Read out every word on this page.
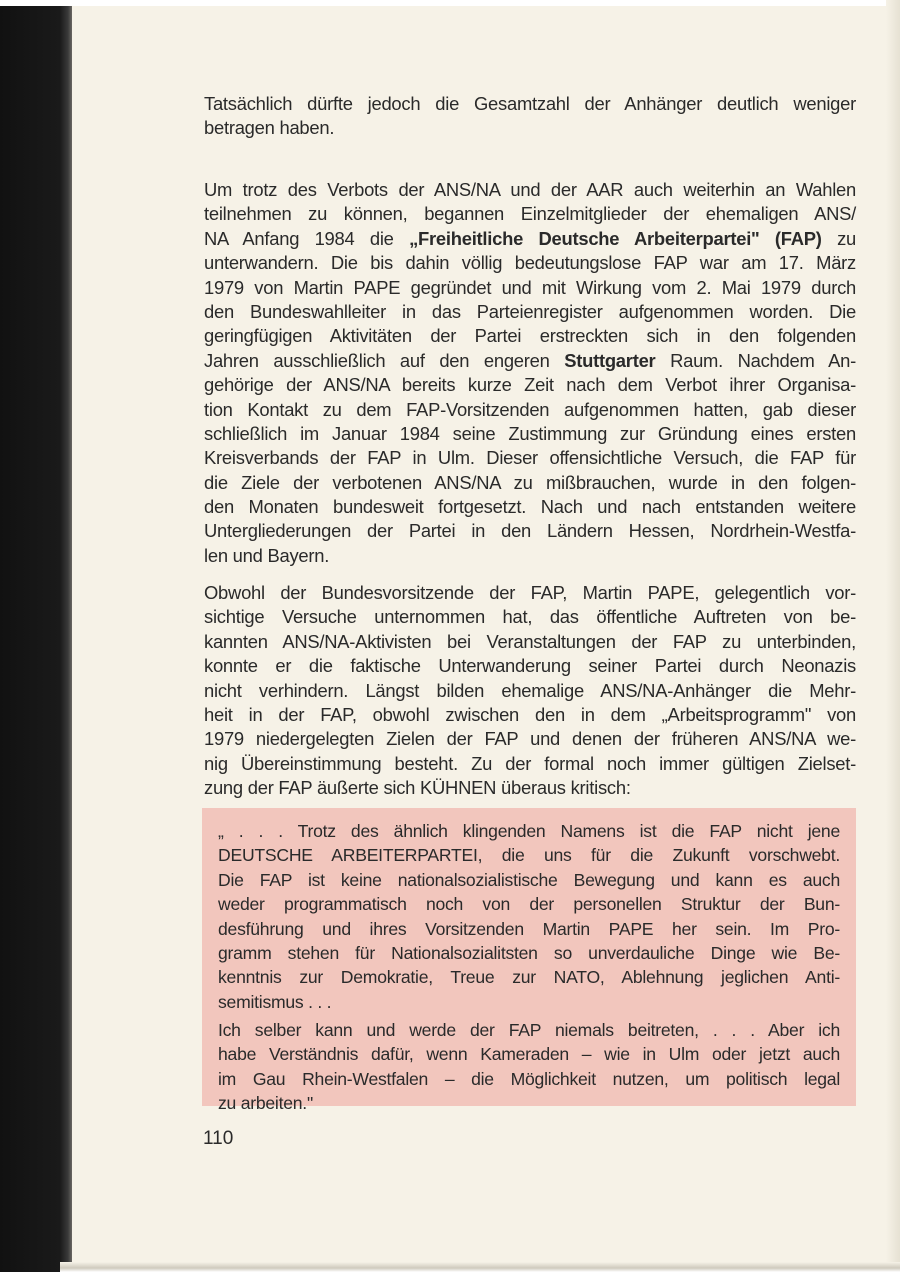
Tatsächlich dürfte jedoch die Gesamtzahl der Anhänger deutlich weniger
betragen haben.
Um trotz des Verbots der ANS/NA und der AAR auch weiterhin an Wahlen
teilnehmen zu können, begannen Einzelmitglieder der ehemaligen ANS/
NA Anfang 1984 die „Freiheitliche Deutsche Arbeiterpartei" (FAP) zu
unterwandern. Die bis dahin völlig bedeutungslose FAP war am 17. März
1979 von Martin PAPE gegründet und mit Wirkung vom 2. Mai 1979 durch
den Bundeswahlleiter in das Parteienregister aufgenommen worden. Die
geringfügigen Aktivitäten der Partei erstreckten sich in den folgenden
Jahren ausschließlich auf den engeren Stuttgarter Raum. Nachdem An-
gehörige der ANS/NA bereits kurze Zeit nach dem Verbot ihrer Organisa-
tion Kontakt zu dem FAP-Vorsitzenden aufgenommen hatten, gab dieser
schließlich im Januar 1984 seine Zustimmung zur Gründung eines ersten
Kreisverbands der FAP in Ulm. Dieser offensichtliche Versuch, die FAP für
die Ziele der verbotenen ANS/NA zu mißbrauchen, wurde in den folgen-
den Monaten bundesweit fortgesetzt. Nach und nach entstanden weitere
Untergliederungen der Partei in den Ländern Hessen, Nordrhein-Westfa-
len und Bayern.
Obwohl der Bundesvorsitzende der FAP, Martin PAPE, gelegentlich vor-
sichtige Versuche unternommen hat, das öffentliche Auftreten von be-
kannten ANS/NA-Aktivisten bei Veranstaltungen der FAP zu unterbinden,
konnte er die faktische Unterwanderung seiner Partei durch Neonazis
nicht verhindern. Längst bilden ehemalige ANS/NA-Anhänger die Mehr-
heit in der FAP, obwohl zwischen den in dem „Arbeitsprogramm" von
1979 niedergelegten Zielen der FAP und denen der früheren ANS/NA we-
nig Übereinstimmung besteht. Zu der formal noch immer gültigen Zielset-
zung der FAP äußerte sich KÜHNEN überaus kritisch:
„ . . . Trotz des ähnlich klingenden Namens ist die FAP nicht jene
DEUTSCHE ARBEITERPARTEI, die uns für die Zukunft vorschwebt.
Die FAP ist keine nationalsozialistische Bewegung und kann es auch
weder programmatisch noch von der personellen Struktur der Bun-
desführung und ihres Vorsitzenden Martin PAPE her sein. Im Pro-
gramm stehen für Nationalsozialitsten so unverdauliche Dinge wie Be-
kenntnis zur Demokratie, Treue zur NATO, Ablehnung jeglichen Anti-
semitismus . . .
Ich selber kann und werde der FAP niemals beitreten, . . . Aber ich
habe Verständnis dafür, wenn Kameraden – wie in Ulm oder jetzt auch
im Gau Rhein-Westfalen – die Möglichkeit nutzen, um politisch legal
zu arbeiten."
110
